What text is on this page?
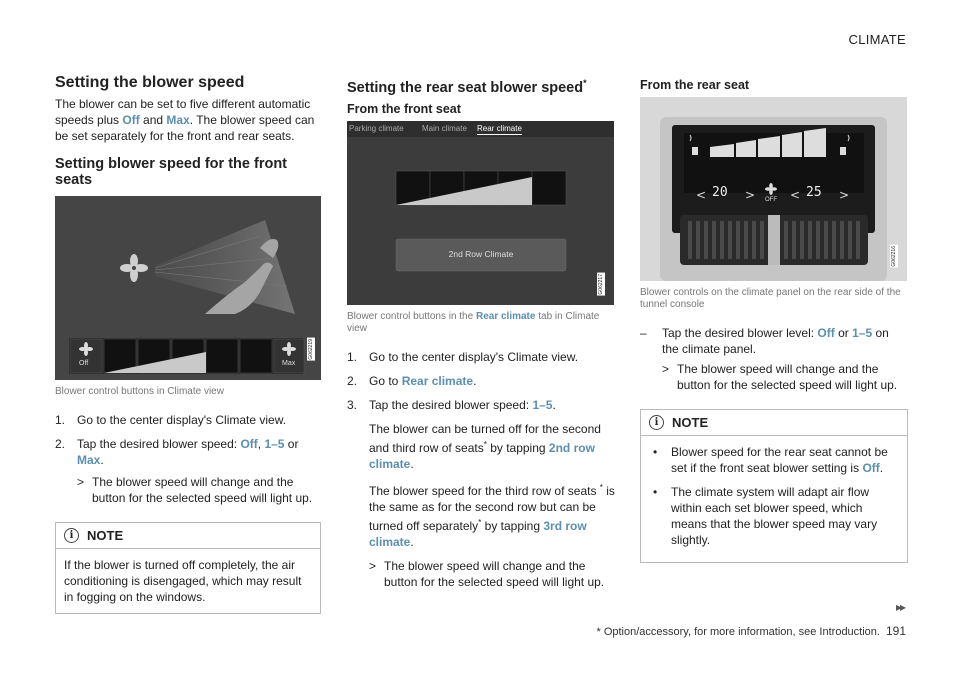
CLIMATE
Setting the blower speed

The blower can be set to five different automatic speeds plus Off and Max. The blower speed can be set separately for the front and rear seats.

Setting blower speed for the front seats
Off	Max
G062219
Blower control buttons in Climate view
1. Go to the center display's Climate view.
2. Tap the desired blower speed: Off, 1–5 or Max.
> The blower speed will change and the button for the selected speed will light up.
i	NOTE
If the blower is turned off completely, the air conditioning is disengaged, which may result in fogging on the windows.
Setting the rear seat blower speed*
From the front seat
Parking climate Main climate Rear climate
2nd Row Climate
G062217
Blower control buttons in the Rear climate tab in Climate view
1. Go to the center display's Climate view.
2. Go to Rear climate.
3. Tap the desired blower speed: 1–5.

The blower can be turned off for the second and third row of seats* by tapping 2nd row climate.

The blower speed for the third row of seats * is the same as for the second row but can be turned off separately* by tapping 3rd row climate.

> The blower speed will change and the button for the selected speed will light up.
From the rear seat
<	>	<	>
20	25
OFF
G062216
Blower controls on the climate panel on the rear side of the tunnel console

– Tap the desired blower level: Off or 1–5 on the climate panel.

> The blower speed will change and the button for the selected speed will light up.
i	NOTE
• Blower speed for the rear seat cannot be set if the front seat blower setting is Off.
• The climate system will adapt air flow within each set blower speed, which means that the blower speed may vary slightly.
▸▸
* Option/accessory, for more information, see Introduction. 191
